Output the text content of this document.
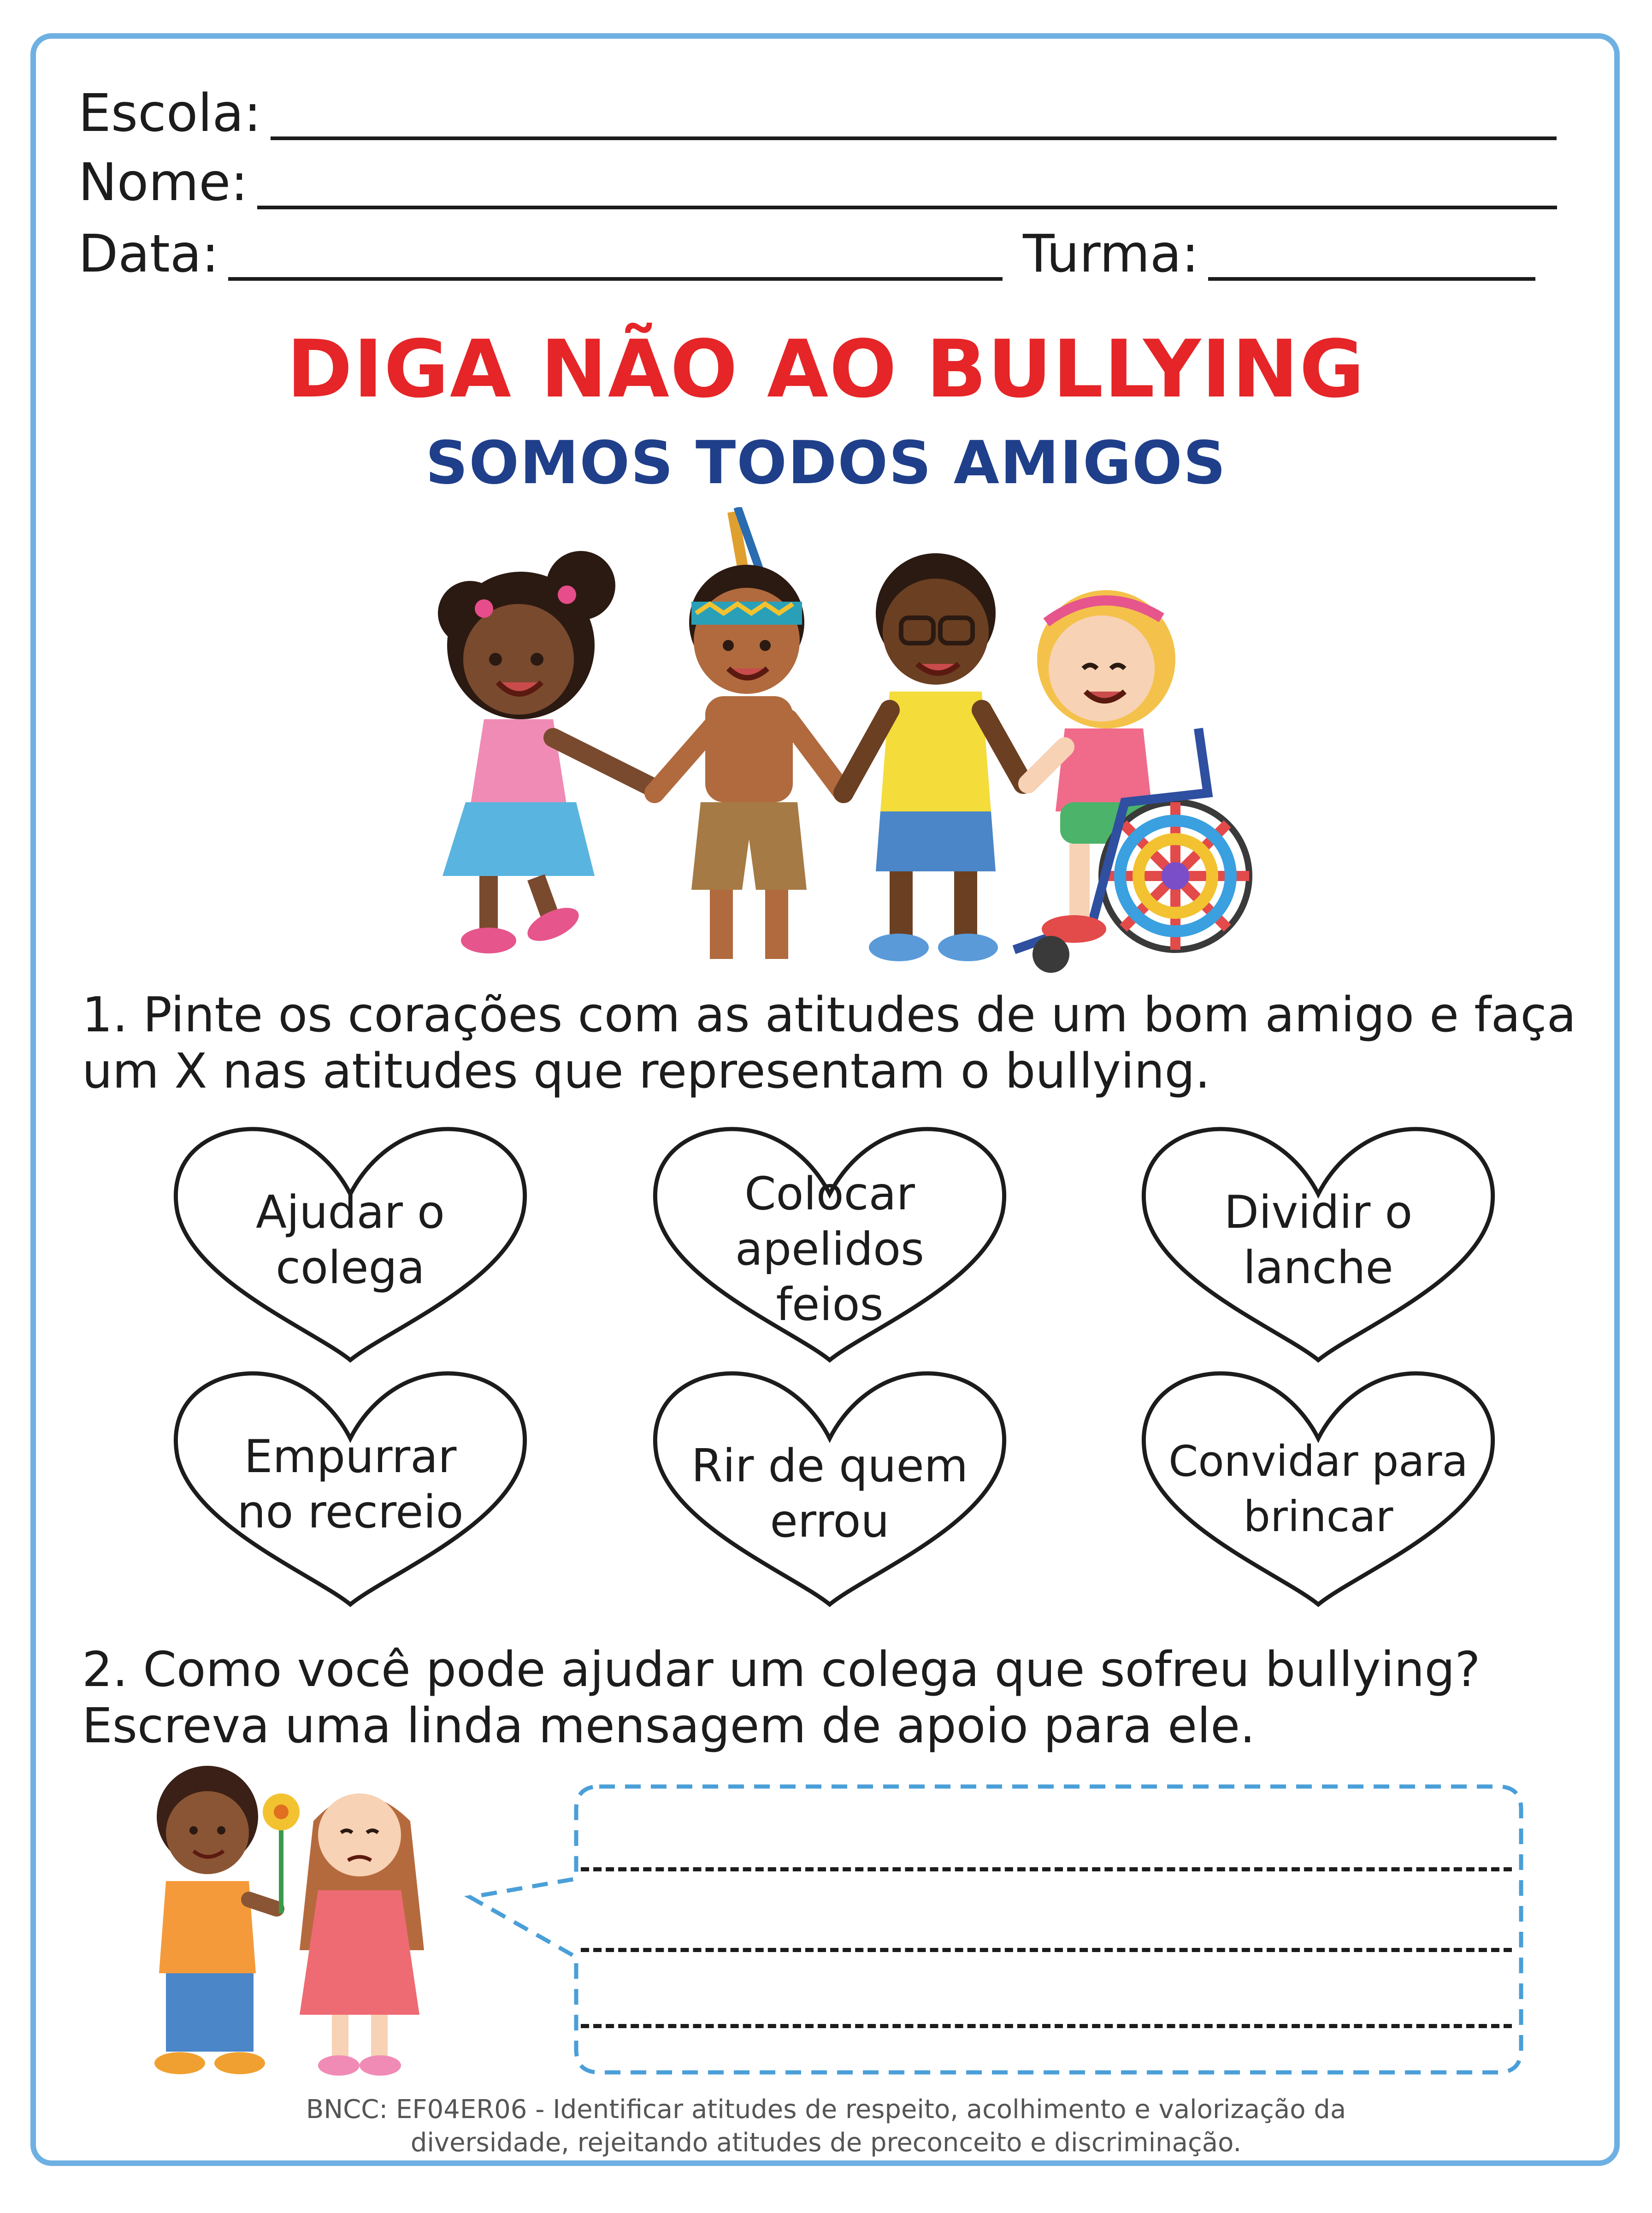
Escola:
Nome:
Data:	Turma:
DIGA NÃO AO BULLYING
SOMOS TODOS AMIGOS
1. Pinte os corações com as atitudes de um bom amigo e faça um X nas atitudes que representam o bullying.
Ajudar o
colega
Colocar
apelidos
feios
Dividir o
lanche
Empurrar
no recreio
Rir de quem
errou
Convidar para
brincar
2. Como você pode ajudar um colega que sofreu bullying? Escreva uma linda mensagem de apoio para ele.
BNCC: EF04ER06 - Identificar atitudes de respeito, acolhimento e valorização da
diversidade, rejeitando atitudes de preconceito e discriminação.
